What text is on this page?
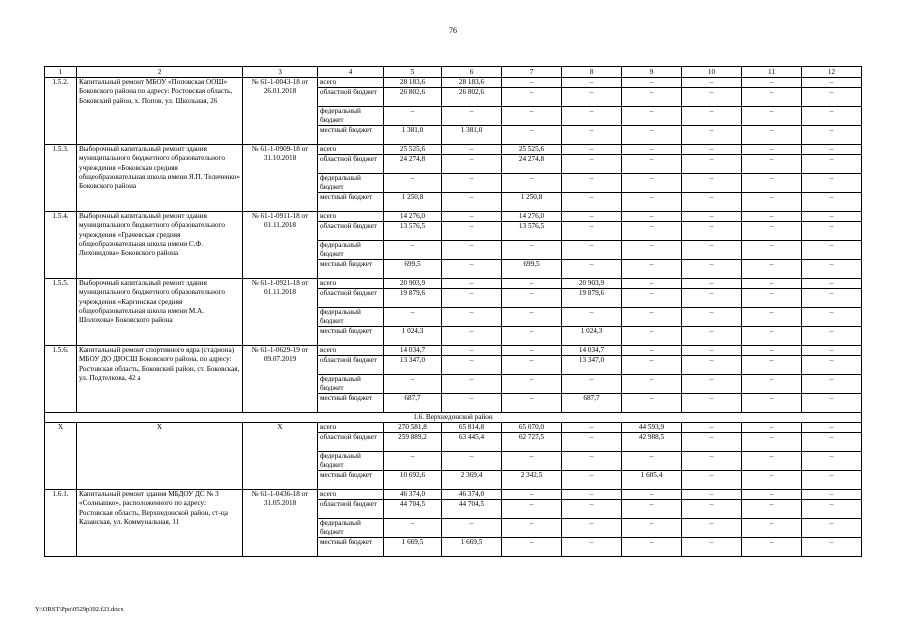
76
1	2	3	4	5	6	7	8	9	10	11	12
1.5.2.	Капитальный ремонт МБОУ «Поповская ООШ» Боковского района по адресу: Ростовская область, Боковский район, х. Попов, ул. Школьная, 26	№ 61-1-0043-18 от 26.01.2018	всего	28 183,6	28 183,6	–	–	–	–	–	–
			областной бюджет	26 802,6	26 802,6	–	–	–	–	–	–
			федеральный бюджет	–	–	–	–	–	–	–	–
			местный бюджет	1 381,0	1 381,0	–	–	–	–	–	–
1.5.3.	Выборочный капитальный ремонт здания муниципального бюджетного образовательного учреждения «Боковская средняя общеобразовательная школа имени Я.П. Теличенко» Боковского района	№ 61-1-0909-18 от 31.10.2018	всего	25 525,6	–	25 525,6	–	–	–	–	–
			областной бюджет	24 274,8	–	24 274,8	–	–	–	–	–
			федеральный бюджет	–	–	–	–	–	–	–	–
			местный бюджет	1 250,8	–	1 250,8	–	–	–	–	–
1.5.4.	Выборочный капитальный ремонт здания муниципального бюджетного образовательного учреждения «Грачевская средняя общеобразовательная школа имени С.Ф. Лиховидова» Боковского района	№ 61-1-0911-18 от 01.11.2018	всего	14 276,0	–	14 276,0	–	–	–	–	–
			областной бюджет	13 576,5	–	13 576,5	–	–	–	–	–
			федеральный бюджет	–	–	–	–	–	–	–	–
			местный бюджет	699,5	–	699,5	–	–	–	–	–
1.5.5.	Выборочный капитальный ремонт здания муниципального бюджетного образовательного учреждения «Каргинская средняя общеобразовательная школа имени М.А. Шолохова» Боковского района	№ 61-1-0921-18 от 01.11.2018	всего	20 903,9	–	–	20 903,9	–	–	–	–
			областной бюджет	19 879,6	–	–	19 879,6	–	–	–	–
			федеральный бюджет	–	–	–	–	–	–	–	–
			местный бюджет	1 024,3	–	–	1 024,3	–	–	–	–
1.5.6.	Капитальный ремонт спортивного ядра (стадиона) МБОУ ДО ДЮСШ Боковского района, по адресу: Ростовская область, Боковский район, ст. Боковская, ул. Подтелкова, 42 а	№ 61-1-0629-19 от 09.07.2019	всего	14 034,7	–	–	14 034,7	–	–	–	–
			областной бюджет	13 347,0	–	–	13 347,0	–	–	–	–
			федеральный бюджет	–	–	–	–	–	–	–	–
			местный бюджет	687,7	–	–	687,7	–	–	–	–
1.6. Верхнедонской район											
Х	Х	Х	всего	270 581,8	65 814,8	65 070,0	–	44 593,9	–	–	–
			областной бюджет	259 889,2	63 445,4	62 727,5	–	42 988,5	–	–	–
			федеральный бюджет	–	–	–	–	–	–	–	–
			местный бюджет	10 692,6	2 369,4	2 342,5	–	1 605,4	–	–	–
1.6.1.	Капитальный ремонт здания МБДОУ ДС № 3 «Солнышко», расположенного по адресу: Ростовская область, Верхнедонской район, ст-ца Казанская, ул. Коммунальная, 11	№ 61-1-0436-18 от 31.05.2018	всего	46 374,0	46 374,0	–	–	–	–	–	–
			областной бюджет	44 704,5	44 704,5	–	–	–	–	–	–
			федеральный бюджет	–	–	–	–	–	–	–	–
			местный бюджет	1 669,5	1 669,5	–	–	–	–	–	–
Y:\ORST\Ppo\0529p392.f23.docx
